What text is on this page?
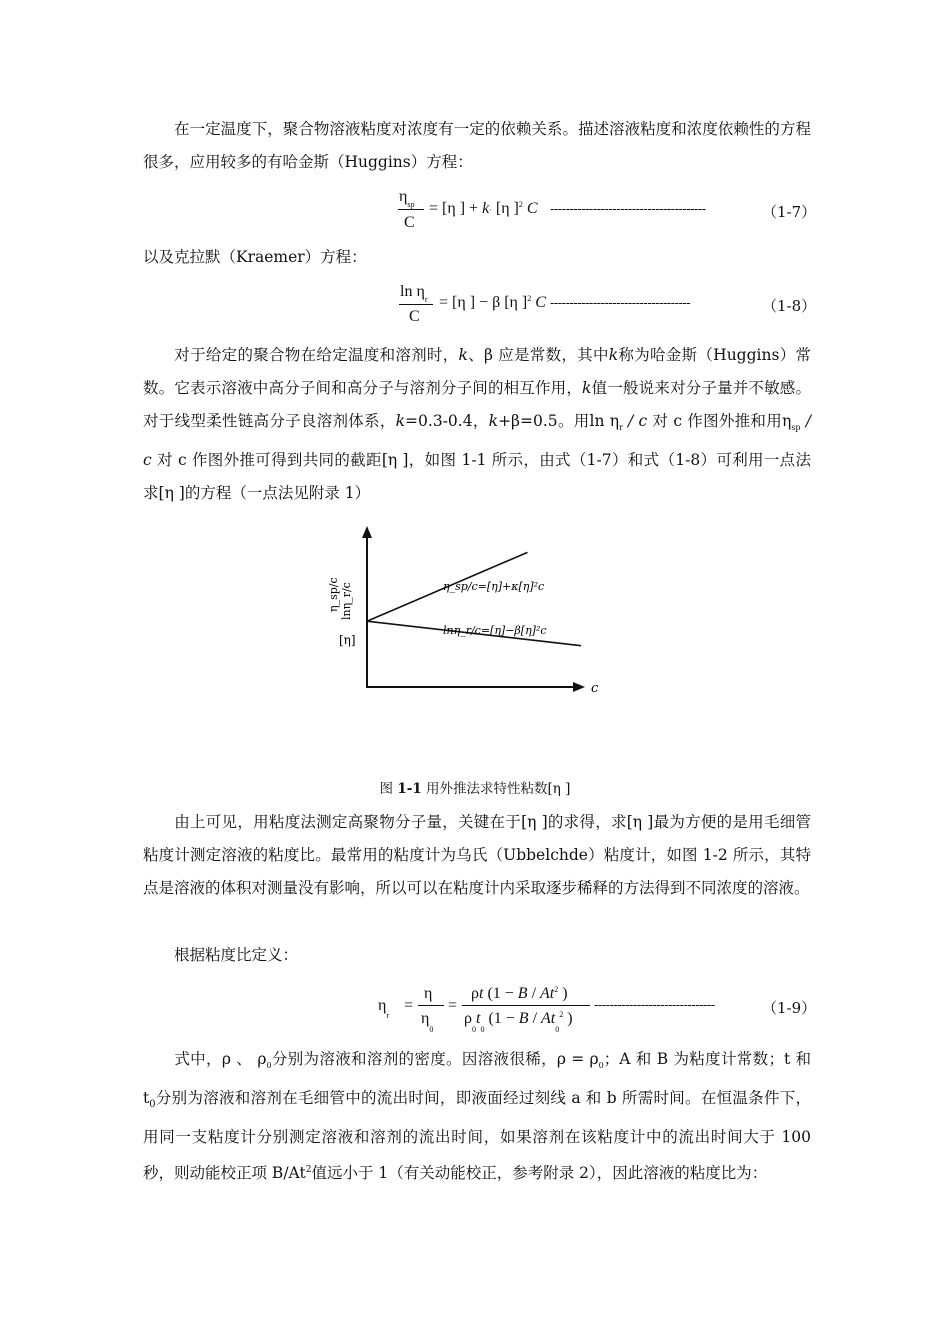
在一定温度下，聚合物溶液粘度对浓度有一定的依赖关系。描述溶液粘度和浓度依赖性的方程很多，应用较多的有哈金斯（Huggins）方程：
$\eta_{sp}$
C
= [η ] + k· [η ]$^2$ C ----------------------------------------	（1-7）
以及克拉默（Kraemer）方程：
$\ln \eta_r$
C
= [η ] − β [η ]$^2$ C ------------------------------------	（1-8）
对于给定的聚合物在给定温度和溶剂时，k、β 应是常数，其中k称为哈金斯（Huggins）常数。它表示溶液中高分子间和高分子与溶剂分子间的相互作用，k值一般说来对分子量并不敏感。对于线型柔性链高分子良溶剂体系，k=0.3-0.4，k+β=0.5。用$\ln \eta_r$ / c 对 c 作图外推和用$\eta_{sp}$ / c 对 c 作图外推可得到共同的截距[η ]，如图 1-1 所示，由式（1-7）和式（1-8）可利用一点法求[η ]的方程（一点法见附录 1）
η_sp/c lnη_r/c
[η]
c
η_sp/c=[η]+κ[η]²c
lnη_r/c=[η]−β[η]²c
图 1-1 用外推法求特性粘数[η ]
由上可见，用粘度法测定高聚物分子量，关键在于[η ]的求得，求[η ]最为方便的是用毛细管粘度计测定溶液的粘度比。最常用的粘度计为乌氏（Ubbelchde）粘度计，如图 1-2 所示，其特点是溶液的体积对测量没有影响，所以可以在粘度计内采取逐步稀释的方法得到不同浓度的溶液。
根据粘度比定义：
$\eta_r$
=
η
$\eta_0$
=
ρt (1 − B / At$^2$ )
$\rho_0t_0$ ($1 - B / At_0^2$ )
-------------------------------	（1-9）
式中，ρ 、 $\rho_0$分别为溶液和溶剂的密度。因溶液很稀，$\rho = \rho_0$；A 和 B 为粘度计常数；t 和 $t_0$分别为溶液和溶剂在毛细管中的流出时间，即液面经过刻线 a 和 b 所需时间。在恒温条件下，用同一支粘度计分别测定溶液和溶剂的流出时间，如果溶剂在该粘度计中的流出时间大于 100 秒，则动能校正项 B/At$^2$值远小于 1（有关动能校正，参考附录 2），因此溶液的粘度比为：
